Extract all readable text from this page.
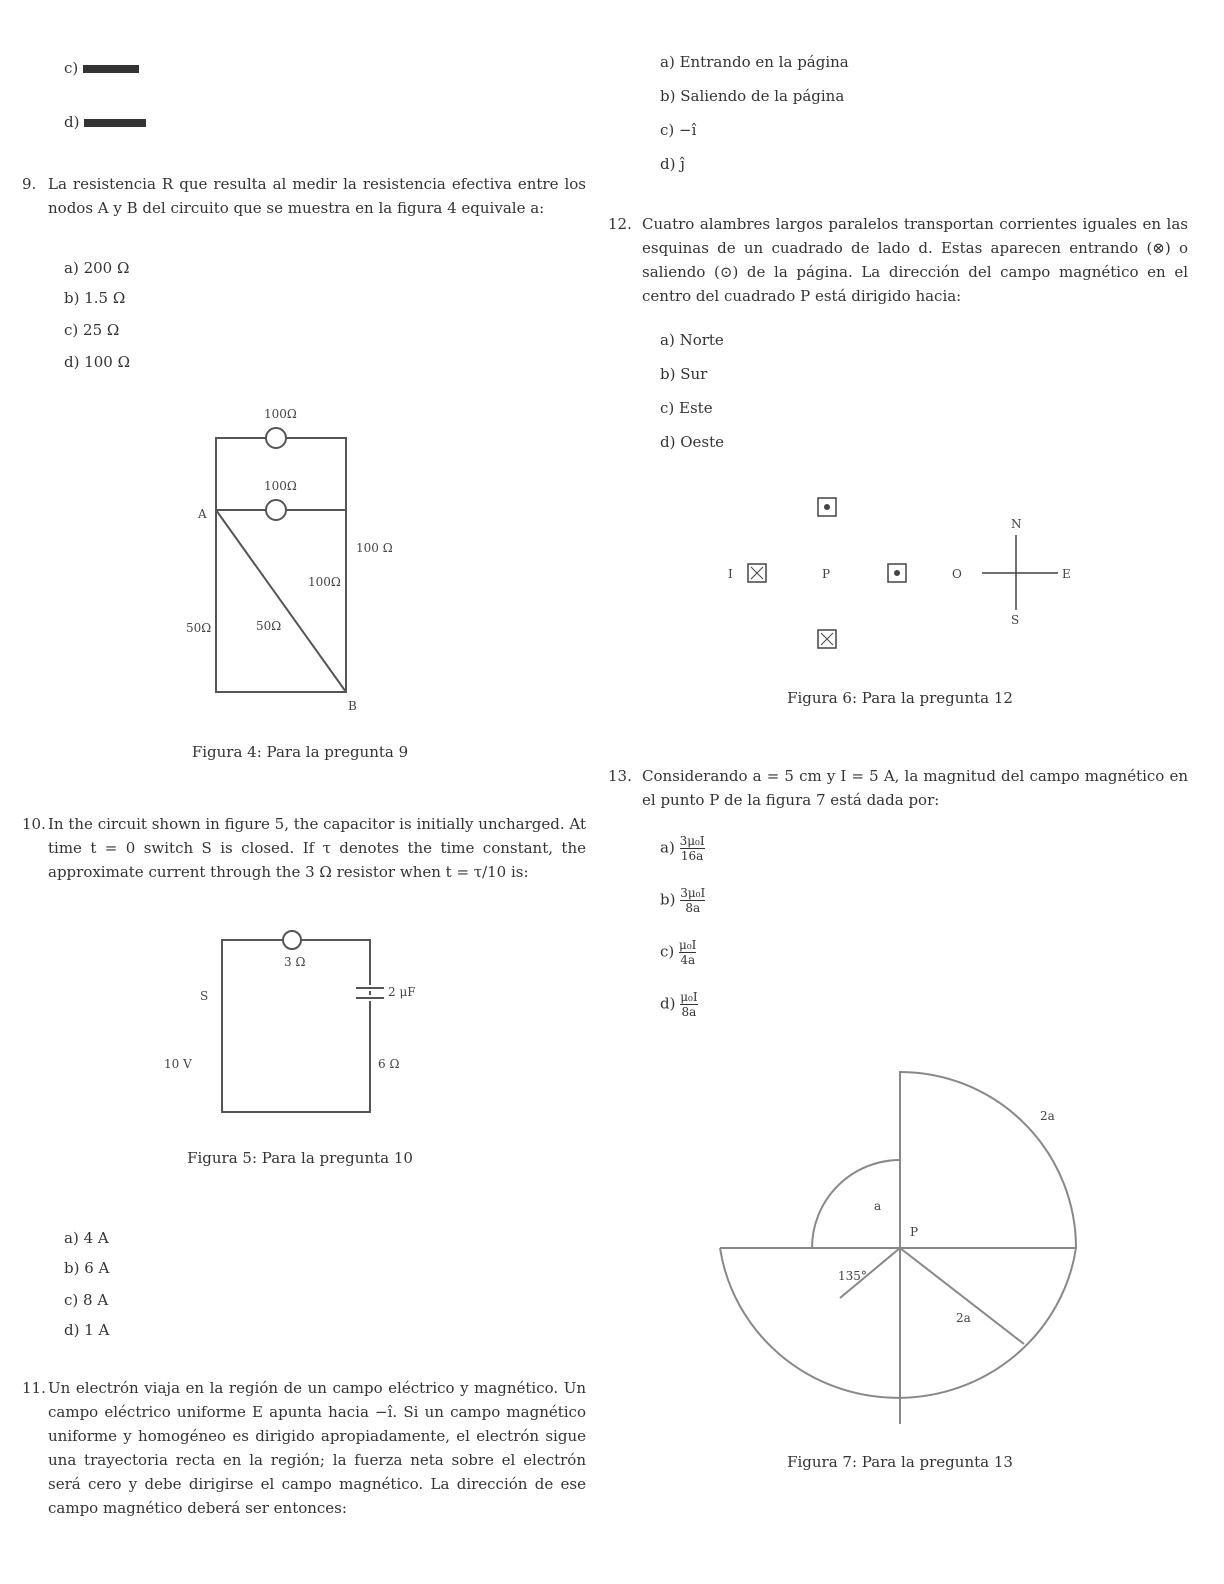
c)
d)
9. La resistencia R que resulta al medir la resistencia efectiva entre los nodos A y B del circuito que se muestra en la figura 4 equivale a:
a) 200 Ω
b) 1.5 Ω
c) 25 Ω
d) 100 Ω
100Ω
100Ω
100 Ω
100Ω
50Ω	50Ω
A
B
Figura 4: Para la pregunta 9
10. In the circuit shown in figure 5, the capacitor is initially uncharged. At time t = 0 switch S is closed. If τ denotes the time constant, the approximate current through the 3 Ω resistor when t = τ/10 is:
3 Ω
2 μF
S
10 V	6 Ω
Figura 5: Para la pregunta 10
a) 4 A
b) 6 A
c) 8 A
d) 1 A
11. Un electrón viaja en la región de un campo eléctrico y magnético. Un campo eléctrico uniforme E apunta hacia −î. Si un campo magnético uniforme y homogéneo es dirigido apropiadamente, el electrón sigue una trayectoria recta en la región; la fuerza neta sobre el electrón será cero y debe dirigirse el campo magnético. La dirección de ese campo magnético deberá ser entonces:
a) Entrando en la página
b) Saliendo de la página
c) −î
d) ĵ
12. Cuatro alambres largos paralelos transportan corrientes iguales en las esquinas de un cuadrado de lado d. Estas aparecen entrando (⊗) o saliendo (⊙) de la página. La dirección del campo magnético en el centro del cuadrado P está dirigido hacia:
a) Norte
b) Sur
c) Este
d) Oeste
I	O	E
N
S
P
Figura 6: Para la pregunta 12
13. Considerando a = 5 cm y I = 5 A, la magnitud del campo magnético en el punto P de la figura 7 está dada por:
$a) \frac{\text{3μ₀I}}{16a}$
$b) \frac{\text{3μ₀I}}{8a}$
$c) \frac{\text{μ₀I}}{4a}$
$d) \frac{\text{μ₀I}}{8a}$
a
2a
2a
P
135°
Figura 7: Para la pregunta 13
